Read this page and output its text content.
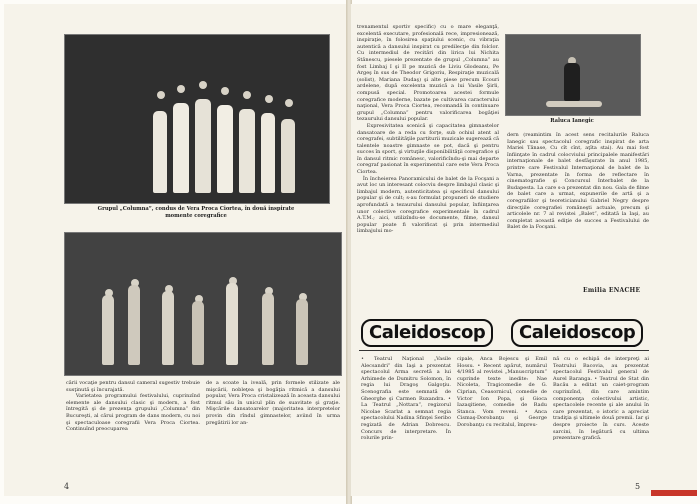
Grupul „Columna”, condus de Vera Proca Ciortea, în două inspirate momente coregrafice
cării vocaţie pentru dansul cameral sugestiv trebuie susţinută şi încurajată.
Varietatea programului festivalului, cuprinzînd elemente ale dansului clasic şi modern, a fost întregită şi de prezenţa grupului „Columna” din Bucureşti, al cărui program de dans modern, cu noi şi spectaculoase coregrafii Vera Proca Ciortea. Continuînd preocuparea
de a scoate la iveală, prin formele stilizate ale mişcării, nobleţea şi bogăţia ritmică a dansului popular, Vera Proca cristalizează în aceasta dansului ritmul său în unicul plin de suavitate şi graţie. Mişcările dansatoarelor (majoritatea interpretelor provin din rîndul gimnastelor, aviind în urma pregătirii lor an-
4
trenamentul sportiv specific) cu o mare eleganţă, excelentă executare, profesională rece, impresionează, inspiraţie, în folosirea spaţiului scenic, cu vibraţia autentică a dansului inspirat cu predilecţie din folclor. Cu intermediul de recitări din lirica lui Nichita Stănescu, piesele prezentate de grupul „Columna” au fost Limbaj I şi II pe muzică de Liviu Glodeanu, Pe Argeş în sus de Theodor Grigoriu, Respiraţie muzicală (solist), Mariana Dudaş) şi alte piese precum Ecouri ardelene, după excelenta muzică a lui Vasile Şirli, compusă special. Promotoarea acestei formule coregrafice moderne, bazate pe cultivarea caracterului naţional, Vera Proca Ciortea, recomandă în continuare grupul „Columna” pentru valorificarea bogăţiei tezaurului dansului popular.
Expresivitatea scenică şi capacitatea gimnastelor dansatoare de a reda cu forţe, sub ochiul atent al coregrafei, subtilităţile partiturii muzicale sugerează că talentele noastre gimnaste se pot, dacă şi pentru succes în sport, şi virtuţile disponibilităţii coregrafice şi în dansul ritmic românesc, valorificîndu-şi mai departe coregraf pasionat în experimentul care este Vera Proca Ciortea.
În încheierea Panoramicului de balet de la Focşani a avut loc un interesant colocviu despre limbajul clasic şi limbajul modern, autenticitatea şi specificul dansului popular şi de cult; s-au formulat propuneri de studiere aprofundată a tezaurului dansului popular, înfiinţarea unor colective coregrafice experimentale în cadrul A.T.M.; aici, utilizîndu-se documente, filme, dansul popular poate fi valorificat şi prin intermediul limbajului mo-
Raluca Ianegic
dern (reamintim în acest sens recitalurile Raluca Ianegic sau spectacolul coregrafic inspirat de arta Mariei Tănase, Cu cît cînt, aţîta stai). Au mai fost înfiinţate în cadrul colocviului principalele manifestări internaţionale de balet desfăşurate în anul 1985, printre care Festivalul Internaţional de balet de la Varna, prezentate în forma de reflectare în cinematografie şi Concursul Interbalet de la Budapesta. La care s-a prezentat din nou. Gala de filme de balet care a urmat, expunerile de artă şi a coregrafiilor şi teoreticianului Gabriel Negry despre direcţiile coregrafiei româneşti actuale, precum şi articolele nr. 7 al revistei „Balet”, editată la Iaşi, au completat această ediţie de succes a Festivalului de Balet de la Focşani.
Emilia ENACHE
Caleidoscop	Caleidoscop
• Teatrul Naţional „Vasile Alecsandri” din Iaşi a prezentat spectacolul Arma secretă a lui Arhimede de Dumitru Solomon, în regia lui Dragoş Galgoţiu. Scenografia este semnată de Gheorghe şi Carmen Ruxandra. • La Teatrul „Nottara”, regizorul Nicolae Scarlat a semnat regia spectacolului Nadina Sfinţei Seribo regizată de Adrian Dobrescu. Concurs de interpretare. În rolurile prin-
cipale, Anca Bojescu şi Emil Hossu. • Recent apărut, numărul 4/1985 al revistei „Manuscriptum” cuprinde texte inedite: Nae Nicoleta, Tragicomedie de G. Ciprian, Ceasornicul, comedie de Victor Ion Popa, şi Gioca Iazaqitiene, comedie de Radu Stanca. Vom reveni. • Anca Cismaş-Dorobanţu şi George Dorobanţu cu recitalul, împreu-
nă cu o echipă de interpreţi ai Teatrului Bacovia, au prezentat spectacolul Festivalul general de Aurel Baranga. • Teatrul de Stat din Bacău a editat un caiet-program cuprinzînd, din care amintim componenţa colectivului artistic, spectacolele recente şi ale anului în care prezentat, o istoric a apreciat tradiţia şi ultimele două premii. Iar şi despre proiecte în curs. Aceste sarcini, în legătură cu ultima prezentare grafică.
5
